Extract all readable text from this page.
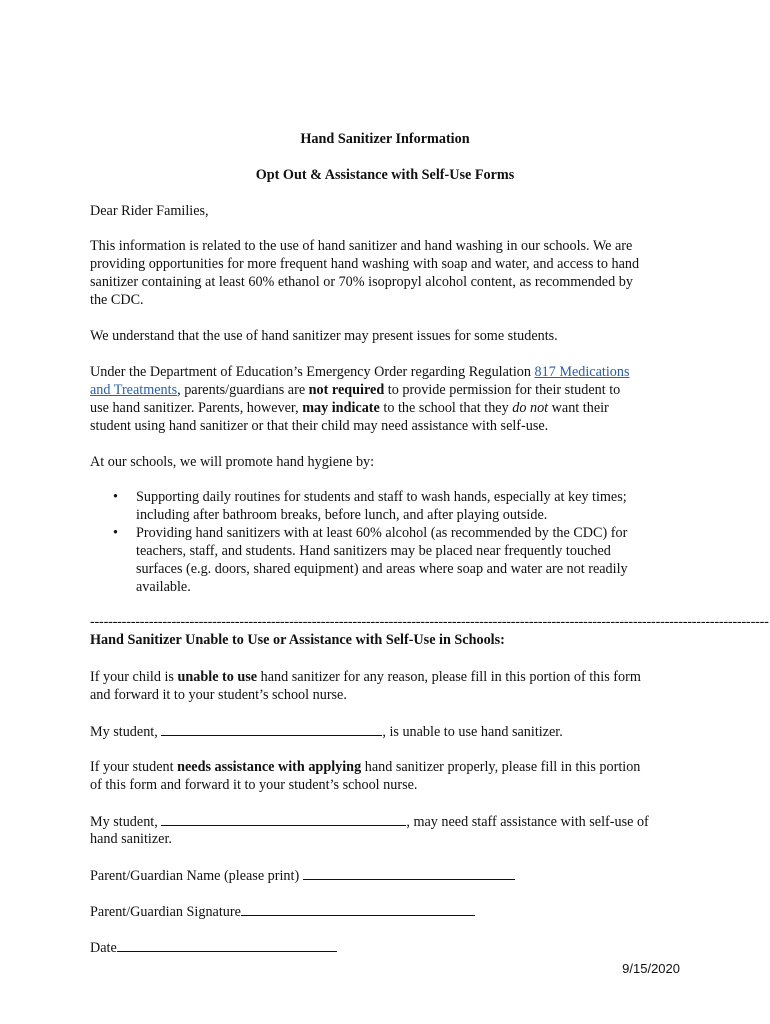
Hand Sanitizer Information
Opt Out & Assistance with Self-Use Forms
Dear Rider Families,
This information is related to the use of hand sanitizer and hand washing in our schools. We are
providing opportunities for more frequent hand washing with soap and water, and access to hand
sanitizer containing at least 60% ethanol or 70% isopropyl alcohol content, as recommended by
the CDC.
We understand that the use of hand sanitizer may present issues for some students.
Under the Department of Education’s Emergency Order regarding Regulation 817 Medications
and Treatments, parents/guardians are not required to provide permission for their student to
use hand sanitizer. Parents, however, may indicate to the school that they do not want their
student using hand sanitizer or that their child may need assistance with self-use.
At our schools, we will promote hand hygiene by:
• Supporting daily routines for students and staff to wash hands, especially at key times;
including after bathroom breaks, before lunch, and after playing outside.
• Providing hand sanitizers with at least 60% alcohol (as recommended by the CDC) for
teachers, staff, and students. Hand sanitizers may be placed near frequently touched
surfaces (e.g. doors, shared equipment) and areas where soap and water are not readily
available.
------------------------------------------------------------------------------------------------------------------------------------------------------
Hand Sanitizer Unable to Use or Assistance with Self-Use in Schools:
If your child is unable to use hand sanitizer for any reason, please fill in this portion of this form
and forward it to your student’s school nurse.
My student,	, is unable to use hand sanitizer.
If your student needs assistance with applying hand sanitizer properly, please fill in this portion
of this form and forward it to your student’s school nurse.
My student,	, may need staff assistance with self-use of
hand sanitizer.
Parent/Guardian Name (please print)
Parent/Guardian Signature
Date
9/15/2020
